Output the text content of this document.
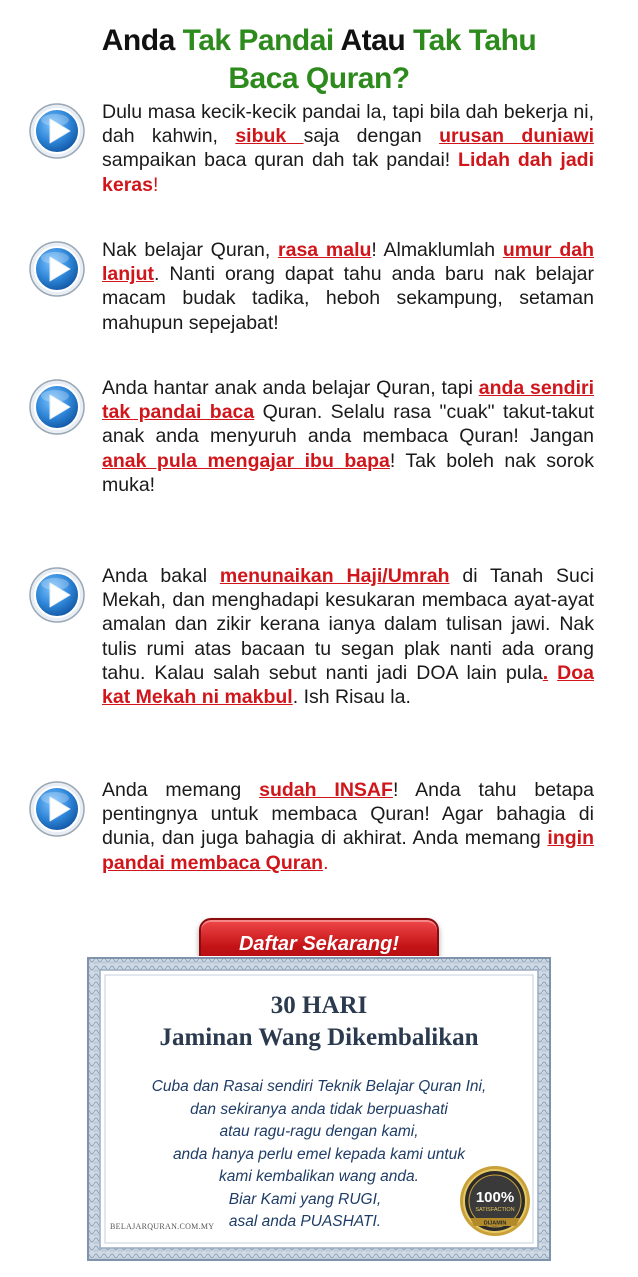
Anda Tak Pandai Atau Tak Tahu
Baca Quran?
Dulu masa kecik-kecik pandai la, tapi bila dah bekerja ni, dah kahwin, sibuk saja dengan urusan duniawi sampaikan baca quran dah tak pandai! Lidah dah jadi keras!
Nak belajar Quran, rasa malu! Almaklumlah umur dah lanjut. Nanti orang dapat tahu anda baru nak belajar macam budak tadika, heboh sekampung, setaman mahupun sepejabat!
Anda hantar anak anda belajar Quran, tapi anda sendiri tak pandai baca Quran. Selalu rasa "cuak" takut-takut anak anda menyuruh anda membaca Quran! Jangan anak pula mengajar ibu bapa! Tak boleh nak sorok muka!
Anda bakal menunaikan Haji/Umrah di Tanah Suci Mekah, dan menghadapi kesukaran membaca ayat-ayat amalan dan zikir kerana ianya dalam tulisan jawi. Nak tulis rumi atas bacaan tu segan plak nanti ada orang tahu. Kalau salah sebut nanti jadi DOA lain pula. Doa kat Mekah ni makbul. Ish Risau la.
Anda memang sudah INSAF! Anda tahu betapa pentingnya untuk membaca Quran! Agar bahagia di dunia, dan juga bahagia di akhirat. Anda memang ingin pandai membaca Quran.
Daftar Sekarang!
30 HARI
Jaminan Wang Dikembalikan
Cuba dan Rasai sendiri Teknik Belajar Quran Ini,
dan sekiranya anda tidak berpuashati
atau ragu-ragu dengan kami,
anda hanya perlu emel kepada kami untuk
kami kembalikan wang anda.
Biar Kami yang RUGI,
asal anda PUASHATI.
BELAJARQURAN.COM.MY
100%
SATISFACTION
DIJAMIN
